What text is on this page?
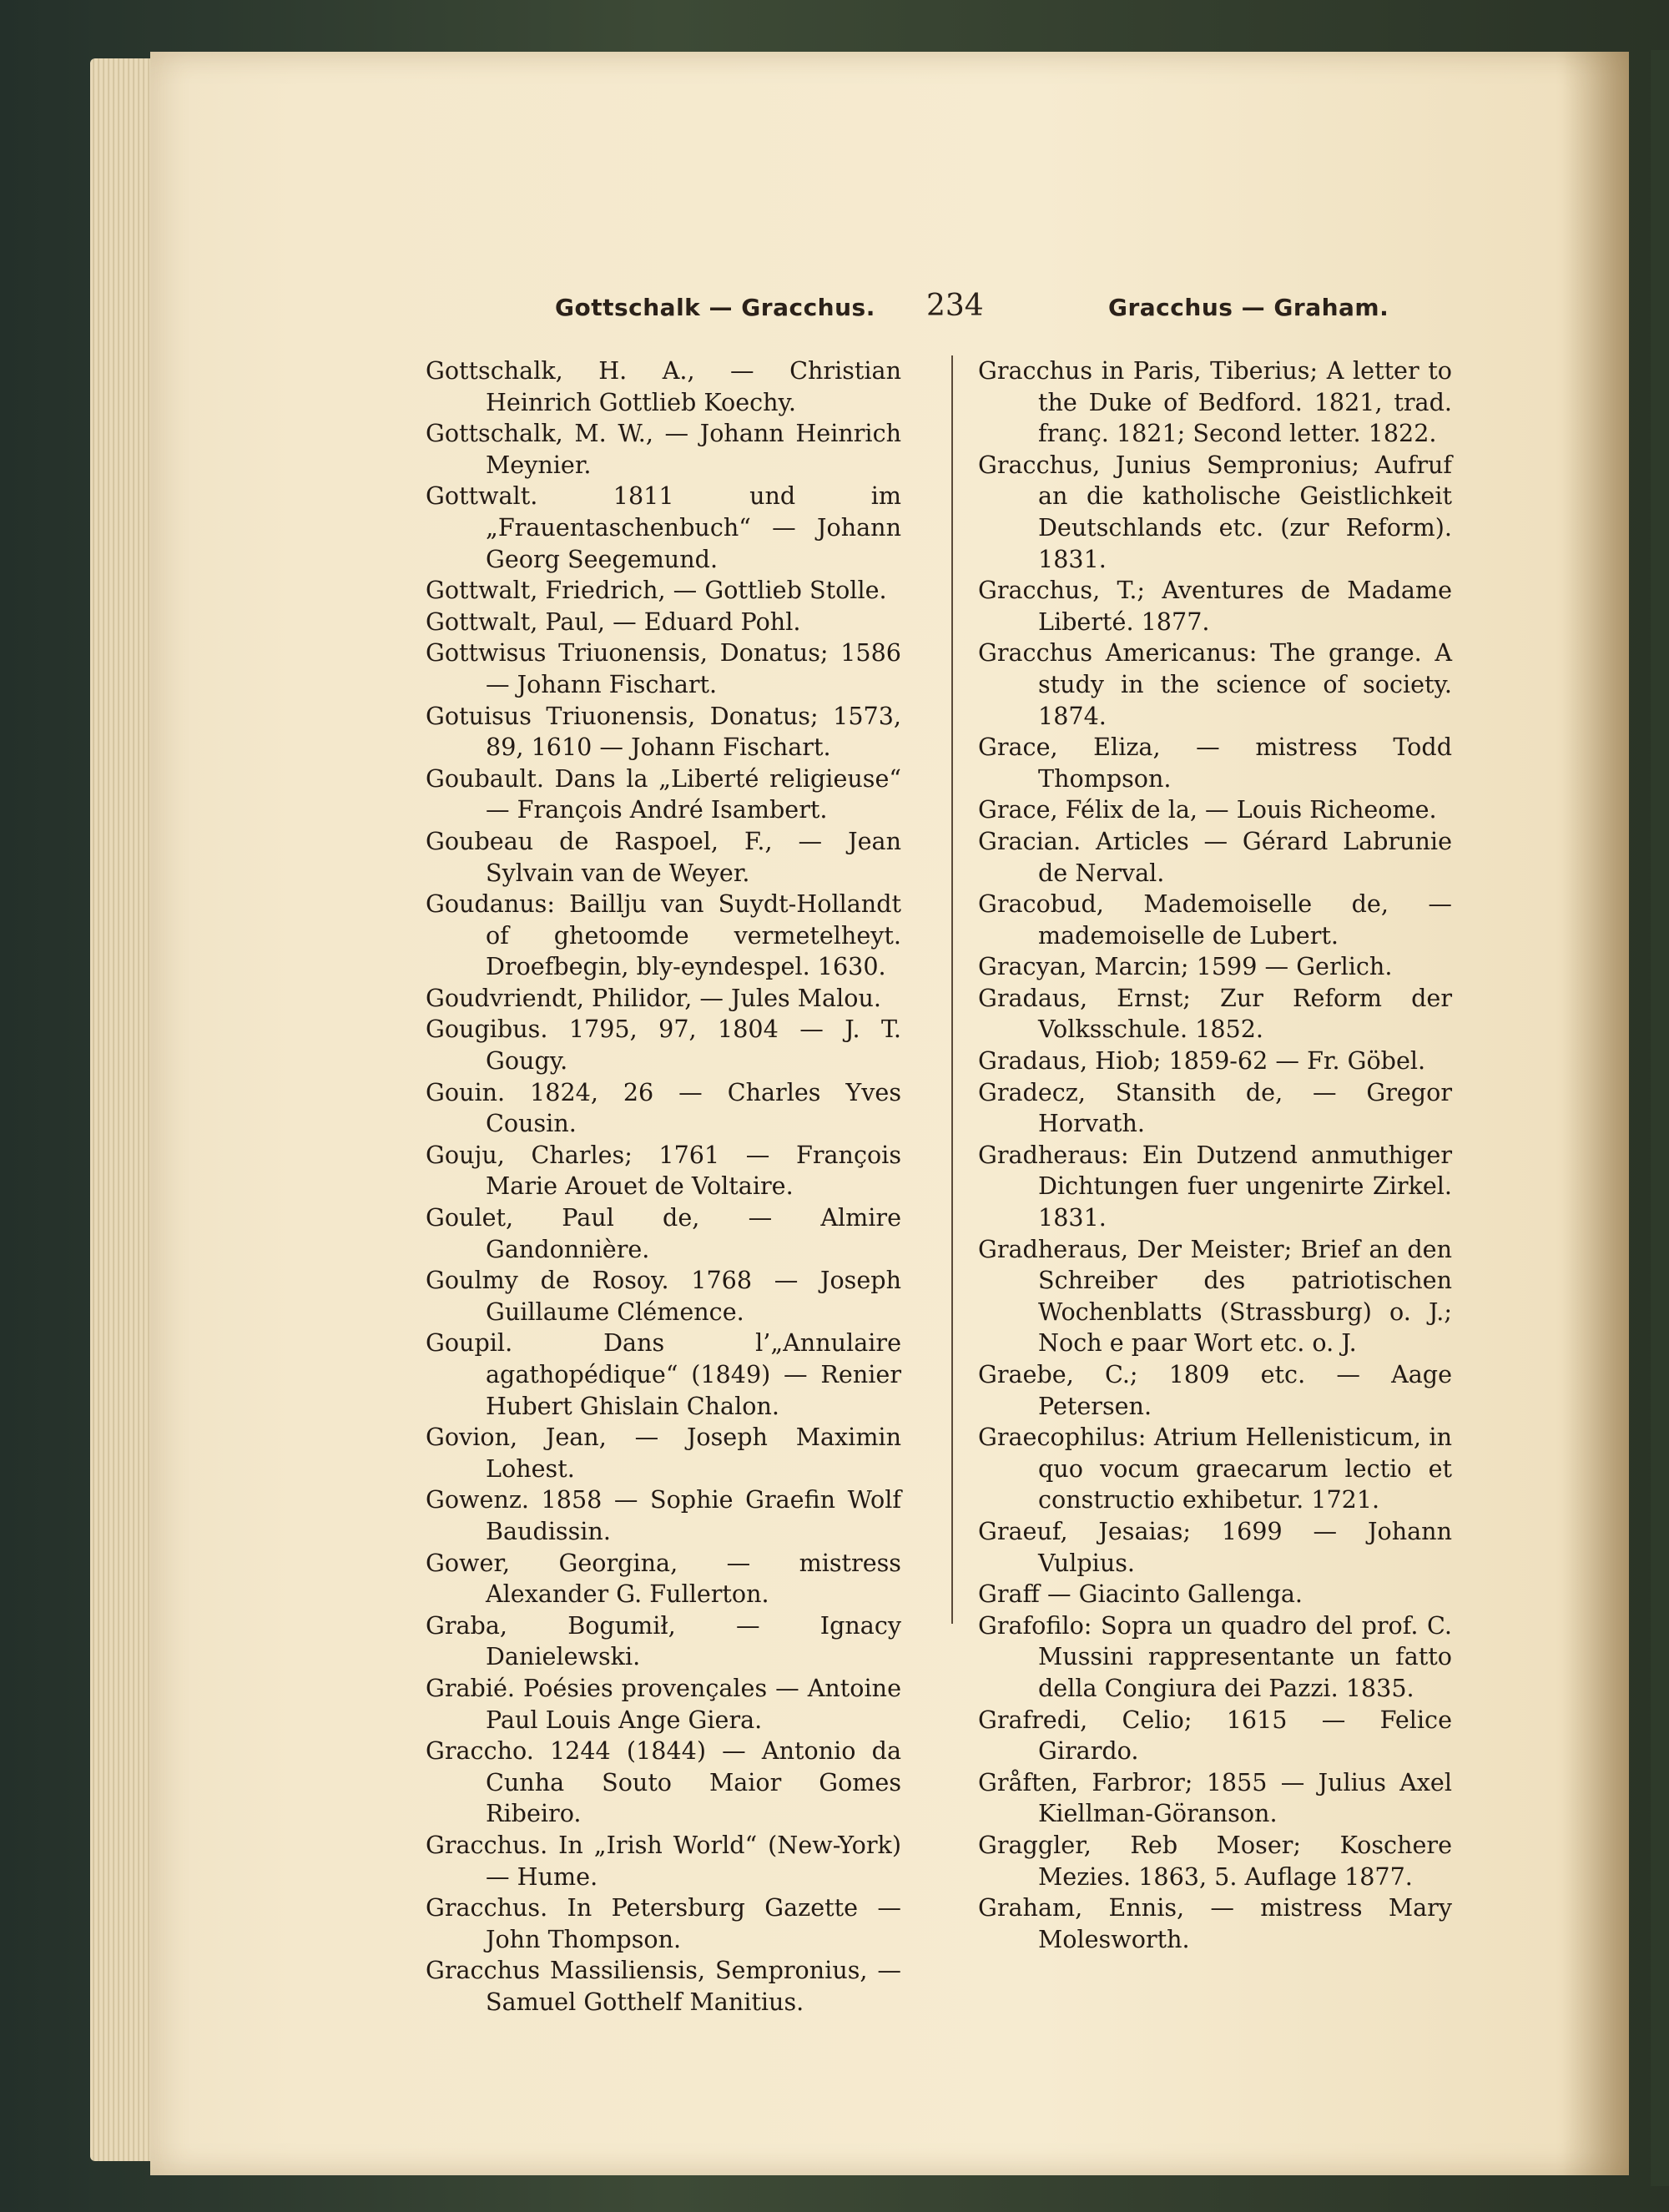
Gottschalk — Gracchus. 234	Gracchus — Graham.

Gottschalk, H. A., — Christian Heinrich Gottlieb Koechy.

Gottschalk, M. W., — Johann Heinrich Meynier.

Gottwalt. 1811 und im „Frauentaschenbuch“ — Johann Georg Seegemund.

Gottwalt, Friedrich, — Gottlieb Stolle.

Gottwalt, Paul, — Eduard Pohl.

Gottwisus Triuonensis, Donatus; 1586 — Johann Fischart.

Gotuisus Triuonensis, Donatus; 1573, 89, 1610 — Johann Fischart.

Goubault. Dans la „Liberté religieuse“ — François André Isambert.

Goubeau de Raspoel, F., — Jean Sylvain van de Weyer.

Goudanus: Baillju van Suydt-Hollandt of ghetoomde vermetelheyt. Droefbegin, bly-eyndespel. 1630.

Goudvriendt, Philidor, — Jules Malou.

Gougibus. 1795, 97, 1804 — J. T. Gougy.

Gouin. 1824, 26 — Charles Yves Cousin.

Gouju, Charles; 1761 — François Marie Arouet de Voltaire.

Goulet, Paul de, — Almire Gandonnière.

Goulmy de Rosoy. 1768 — Joseph Guillaume Clémence.

Goupil. Dans l’„Annulaire agathopédique“ (1849) — Renier Hubert Ghislain Chalon.

Govion, Jean, — Joseph Maximin Lohest.

Gowenz. 1858 — Sophie Graefin Wolf Baudissin.

Gower, Georgina, — mistress Alexander G. Fullerton.

Graba, Bogumił, — Ignacy Danielewski.

Grabié. Poésies provençales — Antoine Paul Louis Ange Giera.

Graccho. 1244 (1844) — Antonio da Cunha Souto Maior Gomes Ribeiro.

Gracchus. In „Irish World“ (New-York) — Hume.

Gracchus. In Petersburg Gazette — John Thompson.

Gracchus Massiliensis, Sempronius, — Samuel Gotthelf Manitius.

Gracchus in Paris, Tiberius; A letter to the Duke of Bedford. 1821, trad. franç. 1821; Second letter. 1822.

Gracchus, Junius Sempronius; Aufruf an die katholische Geistlichkeit Deutschlands etc. (zur Reform). 1831.

Gracchus, T.; Aventures de Madame Liberté. 1877.

Gracchus Americanus: The grange. A study in the science of society. 1874.

Grace, Eliza, — mistress Todd Thompson.

Grace, Félix de la, — Louis Richeome.

Gracian. Articles — Gérard Labrunie de Nerval.

Gracobud, Mademoiselle de, — mademoiselle de Lubert.

Gracyan, Marcin; 1599 — Gerlich.

Gradaus, Ernst; Zur Reform der Volksschule. 1852.

Gradaus, Hiob; 1859-62 — Fr. Göbel.

Gradecz, Stansith de, — Gregor Horvath.

Gradheraus: Ein Dutzend anmuthiger Dichtungen fuer ungenirte Zirkel. 1831.

Gradheraus, Der Meister; Brief an den Schreiber des patriotischen Wochenblatts (Strassburg) o. J.; Noch e paar Wort etc. o. J.

Graebe, C.; 1809 etc. — Aage Petersen.

Graecophilus: Atrium Hellenisticum, in quo vocum graecarum lectio et constructio exhibetur. 1721.

Graeuf, Jesaias; 1699 — Johann Vulpius.

Graff — Giacinto Gallenga.

Grafofilo: Sopra un quadro del prof. C. Mussini rappresentante un fatto della Congiura dei Pazzi. 1835.

Grafredi, Celio; 1615 — Felice Girardo.

Gråften, Farbror; 1855 — Julius Axel Kiellman-Göranson.

Graggler, Reb Moser; Koschere Mezies. 1863, 5. Auflage 1877.

Graham, Ennis, — mistress Mary Molesworth.
